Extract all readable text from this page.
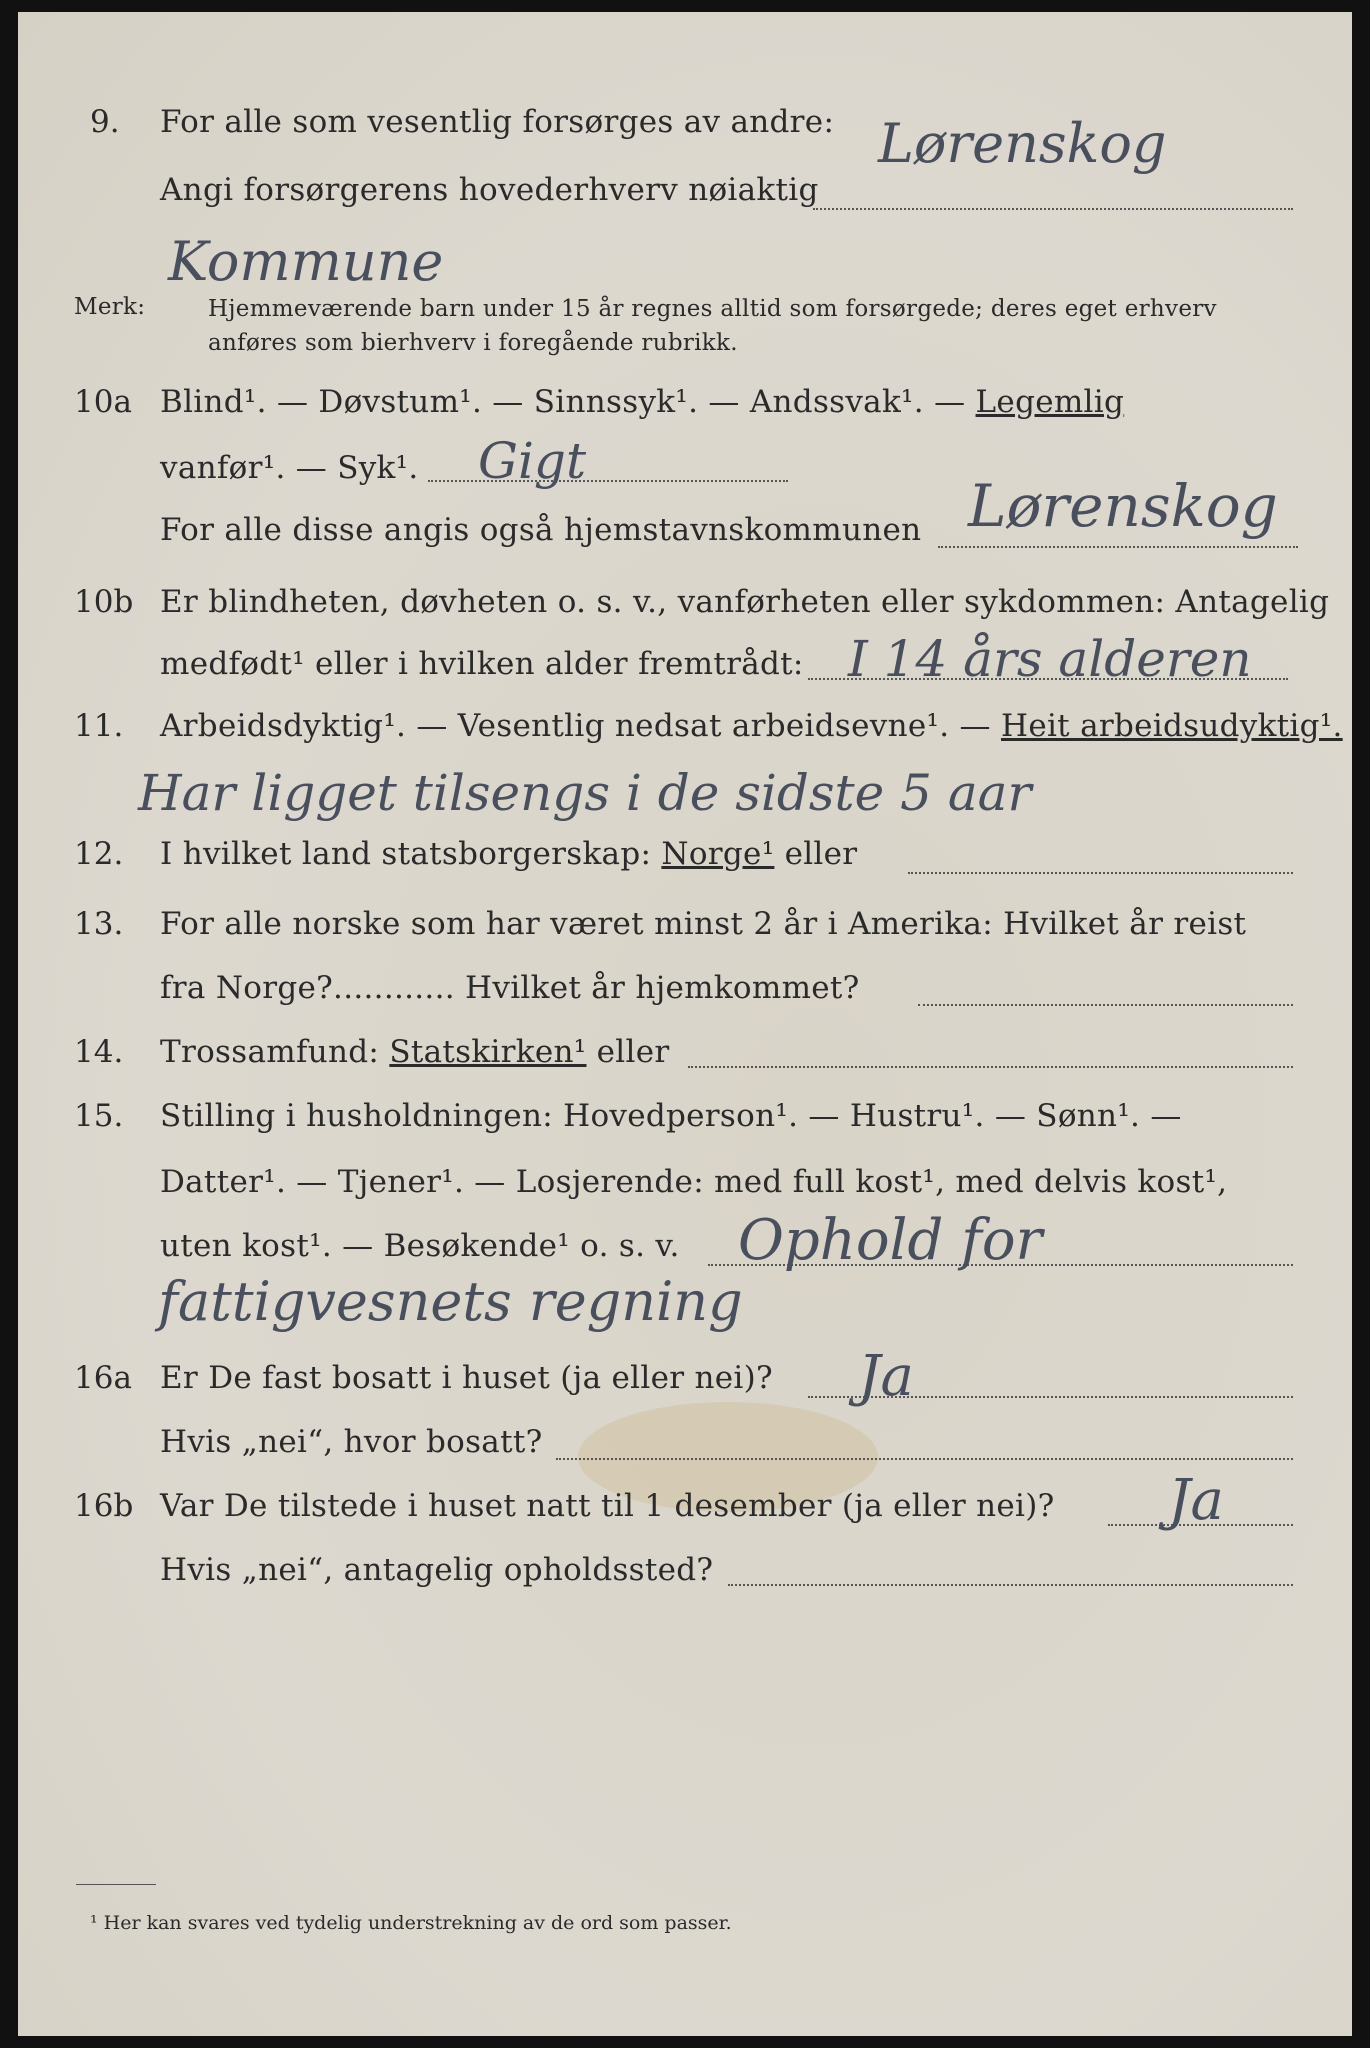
9. For alle som vesentlig forsørges av andre: Lørenskog
Angi forsørgerens hovederhverv nøiaktig
Kommune
Merk:	Hjemmeværende barn under 15 år regnes alltid som forsørgede; deres eget erhverv
anføres som bierhverv i foregående rubrikk.
10a Blind¹. — Døvstum¹. — Sinnssyk¹. — Andssvak¹. — Legemlig
vanfør¹. — Syk¹. Gigt
For alle disse angis også hjemstavnskommunen Lørenskog
10b Er blindheten, døvheten o. s. v., vanførheten eller sykdommen: Antagelig
medfødt¹ eller i hvilken alder fremtrådt: I 14 års alderen
11. Arbeidsdyktig¹. — Vesentlig nedsat arbeidsevne¹. — Heit arbeidsudyktig¹.
Har ligget tilsengs i de sidste 5 aar
12. I hvilket land statsborgerskap: Norge¹ eller
13. For alle norske som har været minst 2 år i Amerika: Hvilket år reist
fra Norge?............ Hvilket år hjemkommet?
14. Trossamfund: Statskirken¹ eller
15. Stilling i husholdningen: Hovedperson¹. — Hustru¹. — Sønn¹. —
Datter¹. — Tjener¹. — Losjerende: med full kost¹, med delvis kost¹,
uten kost¹. — Besøkende¹ o. s. v. Ophold for
fattigvesnets regning
16a Er De fast bosatt i huset (ja eller nei)? Ja
Hvis „nei“, hvor bosatt?
16b Var De tilstede i huset natt til 1 desember (ja eller nei)? Ja
Hvis „nei“, antagelig opholdssted?
¹ Her kan svares ved tydelig understrekning av de ord som passer.
